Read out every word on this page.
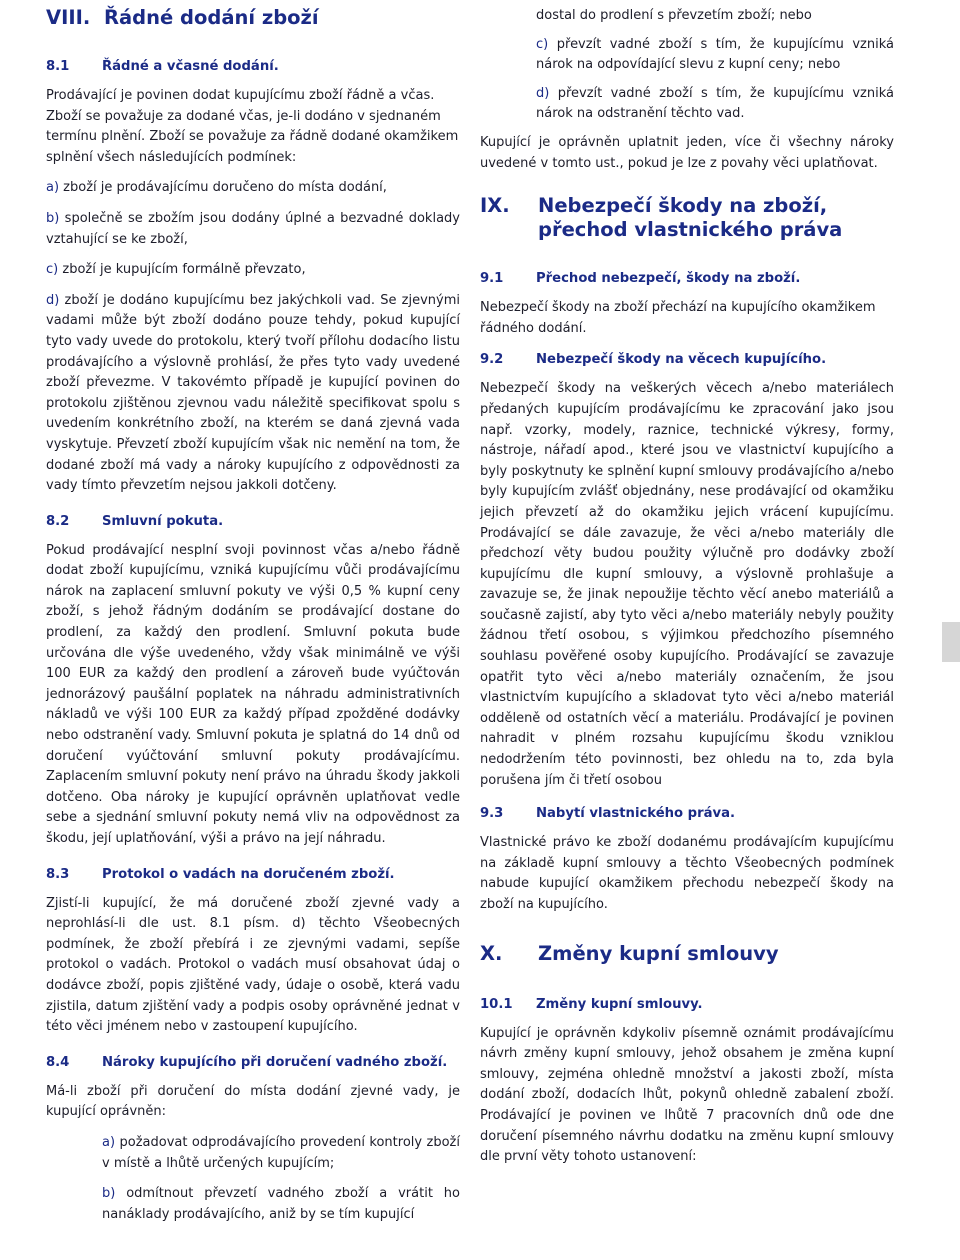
VIII. Řádné dodání zboží
8.1	Řádné a včasné dodání.

Prodávající je povinen dodat kupujícímu zboží řádně a včas. Zboží se považuje za dodané včas, je-li dodáno v sjednaném termínu plnění. Zboží se považuje za řádně dodané okamžikem splnění všech následujících podmínek:

a) zboží je prodávajícímu doručeno do místa dodání,

b) společně se zbožím jsou dodány úplné a bezvadné doklady vztahující se ke zboží,

c) zboží je kupujícím formálně převzato,

d) zboží je dodáno kupujícímu bez jakýchkoli vad. Se zjevnými vadami může být zboží dodáno pouze tehdy, pokud kupující tyto vady uvede do protokolu, který tvoří přílohu dodacího listu prodávajícího a výslovně prohlásí, že přes tyto vady uvedené zboží převezme. V takovémto případě je kupující povinen do protokolu zjištěnou zjevnou vadu náležitě specifikovat spolu s uvedením konkrétního zboží, na kterém se daná zjevná vada vyskytuje. Převzetí zboží kupujícím však nic nemění na tom, že dodané zboží má vady a nároky kupujícího z odpovědnosti za vady tímto převzetím nejsou jakkoli dotčeny.

8.2	Smluvní pokuta.

Pokud prodávající nesplní svoji povinnost včas a/nebo řádně dodat zboží kupujícímu, vzniká kupujícímu vůči prodávajícímu nárok na zaplacení smluvní pokuty ve výši 0,5 % kupní ceny zboží, s jehož řádným dodáním se prodávající dostane do prodlení, za každý den prodlení. Smluvní pokuta bude určována dle výše uvedeného, vždy však minimálně ve výši 100 EUR za každý den prodlení a zároveň bude vyúčtován jednorázový paušální poplatek na náhradu administrativních nákladů ve výši 100 EUR za každý případ zpožděné dodávky nebo odstranění vady. Smluvní pokuta je splatná do 14 dnů od doručení vyúčtování smluvní pokuty prodávajícímu. Zaplacením smluvní pokuty není právo na úhradu škody jakkoli dotčeno. Oba nároky je kupující oprávněn uplatňovat vedle sebe a sjednání smluvní pokuty nemá vliv na odpovědnost za škodu, její uplatňování, výši a právo na její náhradu.

8.3	Protokol o vadách na doručeném zboží.

Zjistí-li kupující, že má doručené zboží zjevné vady a neprohlásí-li dle ust. 8.1 písm. d) těchto Všeobecných podmínek, že zboží přebírá i ze zjevnými vadami, sepíše protokol o vadách. Protokol o vadách musí obsahovat údaj o dodávce zboží, popis zjištěné vady, údaje o osobě, která vadu zjistila, datum zjištění vady a podpis osoby oprávněné jednat v této věci jménem nebo v zastoupení kupujícího.

8.4	Nároky kupujícího při doručení vadného zboží.

Má-li zboží při doručení do místa dodání zjevné vady, je kupující oprávněn:

a) požadovat odprodávajícího provedení kontroly zboží v místě a lhůtě určených kupujícím;

b) odmítnout převzetí vadného zboží a vrátit ho nanáklady prodávajícího, aniž by se tím kupující

dostal do prodlení s převzetím zboží; nebo

c) převzít vadné zboží s tím, že kupujícímu vzniká nárok na odpovídající slevu z kupní ceny; nebo

d) převzít vadné zboží s tím, že kupujícímu vzniká nárok na odstranění těchto vad.

Kupující je oprávněn uplatnit jeden, více či všechny nároky uvedené v tomto ust., pokud je lze z povahy věci uplatňovat.

IX.	Nebezpečí škody na zboží, přechod vlastnického práva
9.1	Přechod nebezpečí, škody na zboží.

Nebezpečí škody na zboží přechází na kupujícího okamžikem řádného dodání.

9.2	Nebezpečí škody na věcech kupujícího.

Nebezpečí škody na veškerých věcech a/nebo materiálech předaných kupujícím prodávajícímu ke zpracování jako jsou např. vzorky, modely, raznice, technické výkresy, formy, nástroje, nářadí apod., které jsou ve vlastnictví kupujícího a byly poskytnuty ke splnění kupní smlouvy prodávajícího a/nebo byly kupujícím zvlášť objednány, nese prodávající od okamžiku jejich převzetí až do okamžiku jejich vrácení kupujícímu. Prodávající se dále zavazuje, že věci a/nebo materiály dle předchozí věty budou použity výlučně pro dodávky zboží kupujícímu dle kupní smlouvy, a výslovně prohlašuje a zavazuje se, že jinak nepoužije těchto věcí anebo materiálů a současně zajistí, aby tyto věci a/nebo materiály nebyly použity žádnou třetí osobou, s výjimkou předchozího písemného souhlasu pověřené osoby kupujícího. Prodávající se zavazuje opatřit tyto věci a/nebo materiály označením, že jsou vlastnictvím kupujícího a skladovat tyto věci a/nebo materiál odděleně od ostatních věcí a materiálu. Prodávající je povinen nahradit v plném rozsahu kupujícímu škodu vzniklou nedodržením této povinnosti, bez ohledu na to, zda byla porušena jím či třetí osobou

9.3	Nabytí vlastnického práva.

Vlastnické právo ke zboží dodanému prodávajícím kupujícímu na základě kupní smlouvy a těchto Všeobecných podmínek nabude kupující okamžikem přechodu nebezpečí škody na zboží na kupujícího.

X.	Změny kupní smlouvy
10.1	Změny kupní smlouvy.

Kupující je oprávněn kdykoliv písemně oznámit prodávajícímu návrh změny kupní smlouvy, jehož obsahem je změna kupní smlouvy, zejména ohledně množství a jakosti zboží, místa dodání zboží, dodacích lhůt, pokynů ohledně zabalení zboží. Prodávající je povinen ve lhůtě 7 pracovních dnů ode dne doručení písemného návrhu dodatku na změnu kupní smlouvy dle první věty tohoto ustanovení:
